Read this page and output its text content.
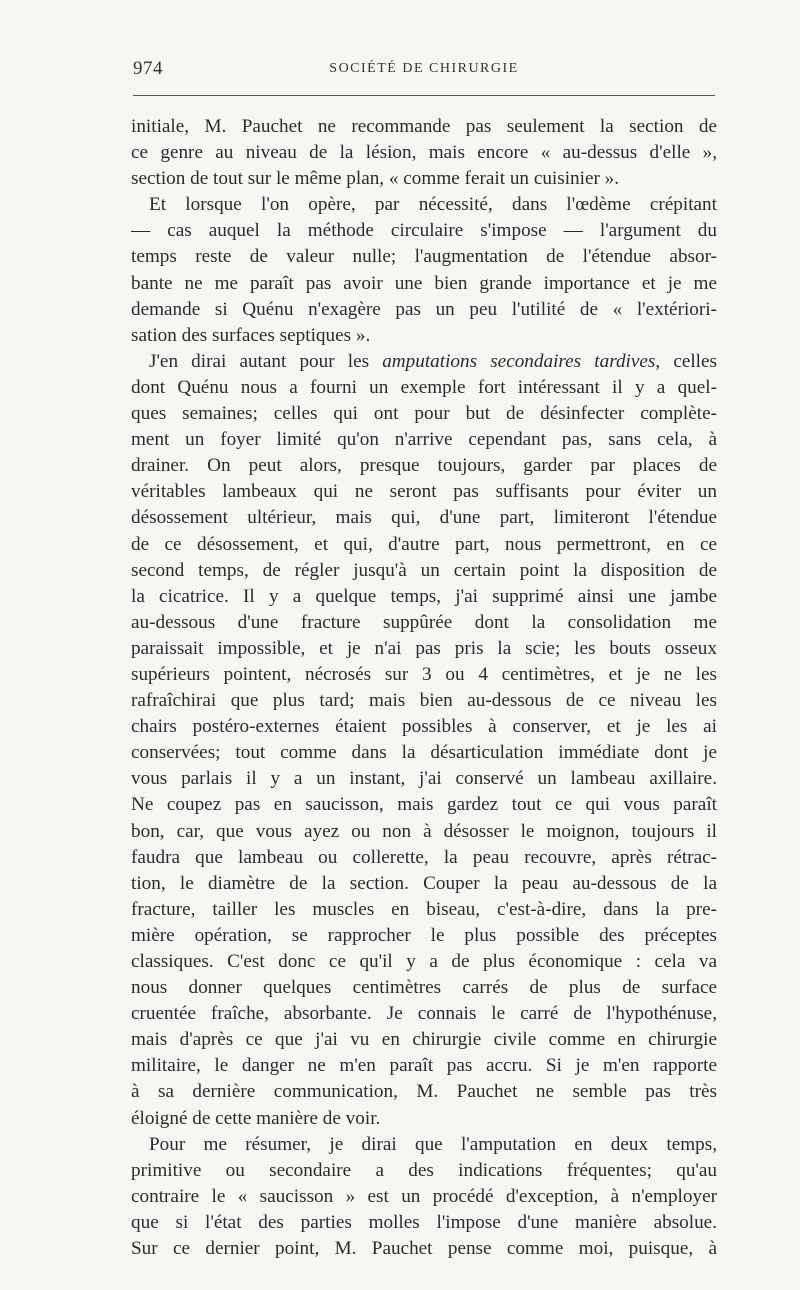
974	SOCIÉTÉ DE CHIRURGIE
initiale, M. Pauchet ne recommande pas seulement la section de
ce genre au niveau de la lésion, mais encore « au-dessus d'elle »,
section de tout sur le même plan, « comme ferait un cuisinier ».
Et lorsque l'on opère, par nécessité, dans l'œdème crépitant
— cas auquel la méthode circulaire s'impose — l'argument du
temps reste de valeur nulle; l'augmentation de l'étendue absor-
bante ne me paraît pas avoir une bien grande importance et je me
demande si Quénu n'exagère pas un peu l'utilité de « l'extériori-
sation des surfaces septiques ».
J'en dirai autant pour les amputations secondaires tardives, celles
dont Quénu nous a fourni un exemple fort intéressant il y a quel-
ques semaines; celles qui ont pour but de désinfecter complète-
ment un foyer limité qu'on n'arrive cependant pas, sans cela, à
drainer. On peut alors, presque toujours, garder par places de
véritables lambeaux qui ne seront pas suffisants pour éviter un
désossement ultérieur, mais qui, d'une part, limiteront l'étendue
de ce désossement, et qui, d'autre part, nous permettront, en ce
second temps, de régler jusqu'à un certain point la disposition de
la cicatrice. Il y a quelque temps, j'ai supprimé ainsi une jambe
au-dessous d'une fracture suppûrée dont la consolidation me
paraissait impossible, et je n'ai pas pris la scie; les bouts osseux
supérieurs pointent, nécrosés sur 3 ou 4 centimètres, et je ne les
rafraîchirai que plus tard; mais bien au-dessous de ce niveau les
chairs postéro-externes étaient possibles à conserver, et je les ai
conservées; tout comme dans la désarticulation immédiate dont je
vous parlais il y a un instant, j'ai conservé un lambeau axillaire.
Ne coupez pas en saucisson, mais gardez tout ce qui vous paraît
bon, car, que vous ayez ou non à désosser le moignon, toujours il
faudra que lambeau ou collerette, la peau recouvre, après rétrac-
tion, le diamètre de la section. Couper la peau au-dessous de la
fracture, tailler les muscles en biseau, c'est-à-dire, dans la pre-
mière opération, se rapprocher le plus possible des préceptes
classiques. C'est donc ce qu'il y a de plus économique : cela va
nous donner quelques centimètres carrés de plus de surface
cruentée fraîche, absorbante. Je connais le carré de l'hypothénuse,
mais d'après ce que j'ai vu en chirurgie civile comme en chirurgie
militaire, le danger ne m'en paraît pas accru. Si je m'en rapporte
à sa dernière communication, M. Pauchet ne semble pas très
éloigné de cette manière de voir.
Pour me résumer, je dirai que l'amputation en deux temps,
primitive ou secondaire a des indications fréquentes; qu'au
contraire le « saucisson » est un procédé d'exception, à n'employer
que si l'état des parties molles l'impose d'une manière absolue.
Sur ce dernier point, M. Pauchet pense comme moi, puisque, à
